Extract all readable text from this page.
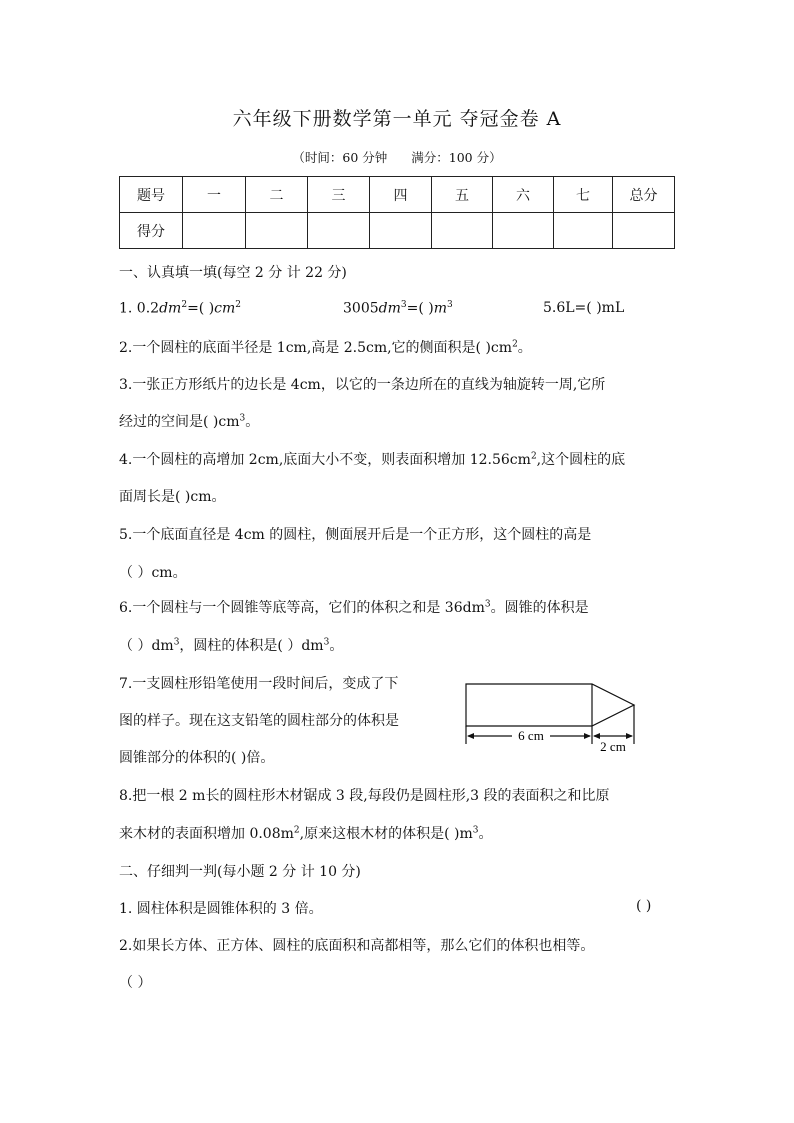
六年级下册数学第一单元 夺冠金卷 A
（时间：60 分钟 满分：100 分）
题号	一	二	三	四	五	六	七	总分
得分								
一、认真填一填(每空 2 分 计 22 分)
1. $0.2dm^2=$( )$cm^2$	$3005dm^3=$( )$m^3$	5.6L=( )mL
2.一个圆柱的底面半径是 1cm,高是 2.5cm,它的侧面积是( )$cm^2$。
3.一张正方形纸片的边长是 4cm，以它的一条边所在的直线为轴旋转一周,它所
经过的空间是( )$cm^3$。
4.一个圆柱的高增加 2cm,底面大小不变，则表面积增加 $12.56cm^2$,这个圆柱的底
面周长是( )cm。
5.一个底面直径是 4cm 的圆柱，侧面展开后是一个正方形，这个圆柱的高是
（ ）cm。
6.一个圆柱与一个圆锥等底等高，它们的体积之和是 $36dm^3$。圆锥的体积是
（ ）$dm^3$，圆柱的体积是( ）$dm^3$。
7.一支圆柱形铅笔使用一段时间后，变成了下
图的样子。现在这支铅笔的圆柱部分的体积是
圆锥部分的体积的( )倍。
6 cm
2 cm
8.把一根 2 m长的圆柱形木材锯成 3 段,每段仍是圆柱形,3 段的表面积之和比原
来木材的表面积增加 $0.08m^2$,原来这根木材的体积是( )$m^3$。
二、仔细判一判(每小题 2 分 计 10 分)
1. 圆柱体积是圆锥体积的 3 倍。	( )
2.如果长方体、正方体、圆柱的底面积和高都相等，那么它们的体积也相等。
（ ）
